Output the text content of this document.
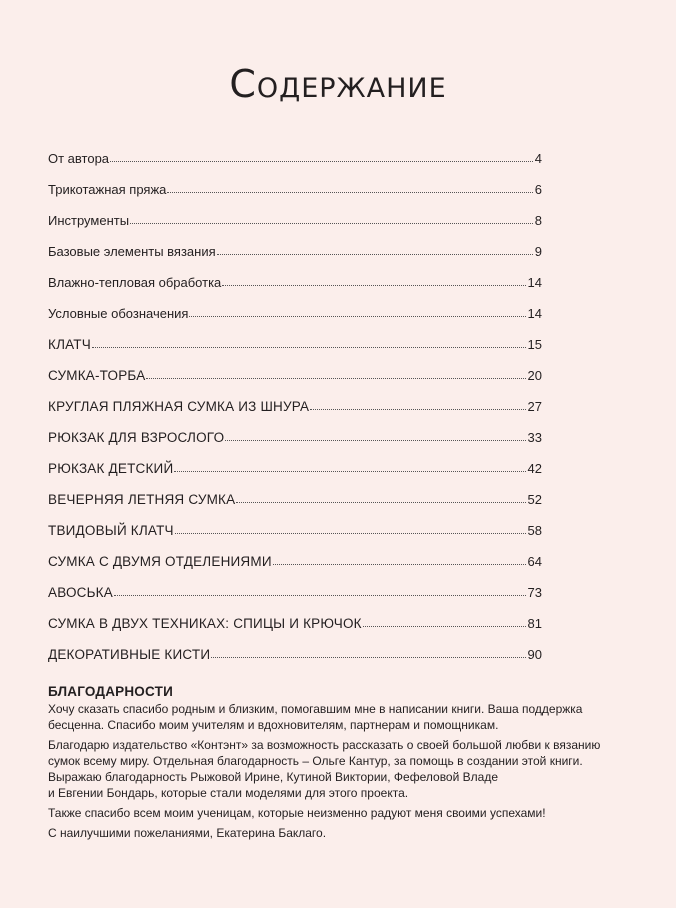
Содержание
От автора	4
Трикотажная пряжа	6
Инструменты	8
Базовые элементы вязания	9
Влажно-тепловая обработка	14
Условные обозначения	14
КЛАТЧ	15
СУМКА-ТОРБА	20
КРУГЛАЯ ПЛЯЖНАЯ СУМКА ИЗ ШНУРА	27
РЮКЗАК ДЛЯ ВЗРОСЛОГО	33
РЮКЗАК ДЕТСКИЙ	42
ВЕЧЕРНЯЯ ЛЕТНЯЯ СУМКА	52
ТВИДОВЫЙ КЛАТЧ	58
СУМКА С ДВУМЯ ОТДЕЛЕНИЯМИ	64
АВОСЬКА	73
СУМКА В ДВУХ ТЕХНИКАХ: СПИЦЫ И КРЮЧОК	81
ДЕКОРАТИВНЫЕ КИСТИ	90
БЛАГОДАРНОСТИ

Хочу сказать спасибо родным и близким, помогавшим мне в написании книги. Ваша поддержка
бесценна. Спасибо моим учителям и вдохновителям, партнерам и помощникам.

Благодарю издательство «Контэнт» за возможность рассказать о своей большой любви к вязанию
сумок всему миру. Отдельная благодарность – Ольге Кантур, за помощь в создании этой книги.
Выражаю благодарность Рыжовой Ирине, Кутиной Виктории, Фефеловой Владе
и Евгении Бондарь, которые стали моделями для этого проекта.

Также спасибо всем моим ученицам, которые неизменно радуют меня своими успехами!

С наилучшими пожеланиями, Екатерина Баклаго.
